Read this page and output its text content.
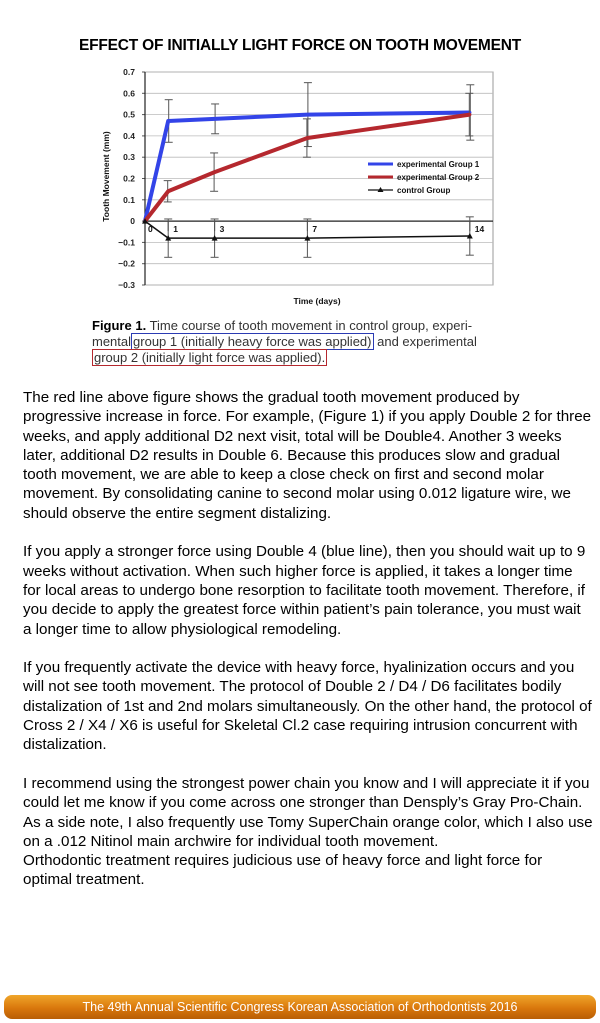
EFFECT OF INITIALLY LIGHT FORCE ON TOOTH MOVEMENT
0.7
0.6
0.5
0.4
0.3
0.2
0.1
0
−0.1
−0.2
−0.3
0 1	3	7	14
Time (days)
Tooth Movement (mm)	experimental Group 1
experimental Group 2
control Group
Figure 1. Time course of tooth movement in control group, experi-
mental group 1 (initially heavy force was applied) and experimental
group 2 (initially light force was applied).

The red line above figure shows the gradual tooth movement produced by progressive increase in force. For example, (Figure 1) if you apply Double 2 for three weeks, and apply additional D2 next visit, total will be Double4. Another 3 weeks later, additional D2 results in Double 6. Because this produces slow and gradual tooth movement, we are able to keep a close check on first and second molar movement. By consolidating canine to second molar using 0.012 ligature wire, we should observe the entire segment distalizing.

If you apply a stronger force using Double 4 (blue line), then you should wait up to 9 weeks without activation. When such higher force is applied, it takes a longer time for local areas to undergo bone resorption to facilitate tooth movement. Therefore, if you decide to apply the greatest force within patient’s pain tolerance, you must wait a longer time to allow physiological remodeling.

If you frequently activate the device with heavy force, hyalinization occurs and you will not see tooth movement. The protocol of Double 2 / D4 / D6 facilitates bodily distalization of 1st and 2nd molars simultaneously. On the other hand, the protocol of Cross 2 / X4 / X6 is useful for Skeletal Cl.2 case requiring intrusion concurrent with distalization.

I recommend using the strongest power chain you know and I will appreciate it if you could let me know if you come across one stronger than Densply’s Gray Pro-Chain. As a side note, I also frequently use Tomy SuperChain orange color, which I also use on a .012 Nitinol main archwire for individual tooth movement.

Orthodontic treatment requires judicious use of heavy force and light force for optimal treatment.

The 49th Annual Scientific Congress Korean Association of Orthodontists 2016
